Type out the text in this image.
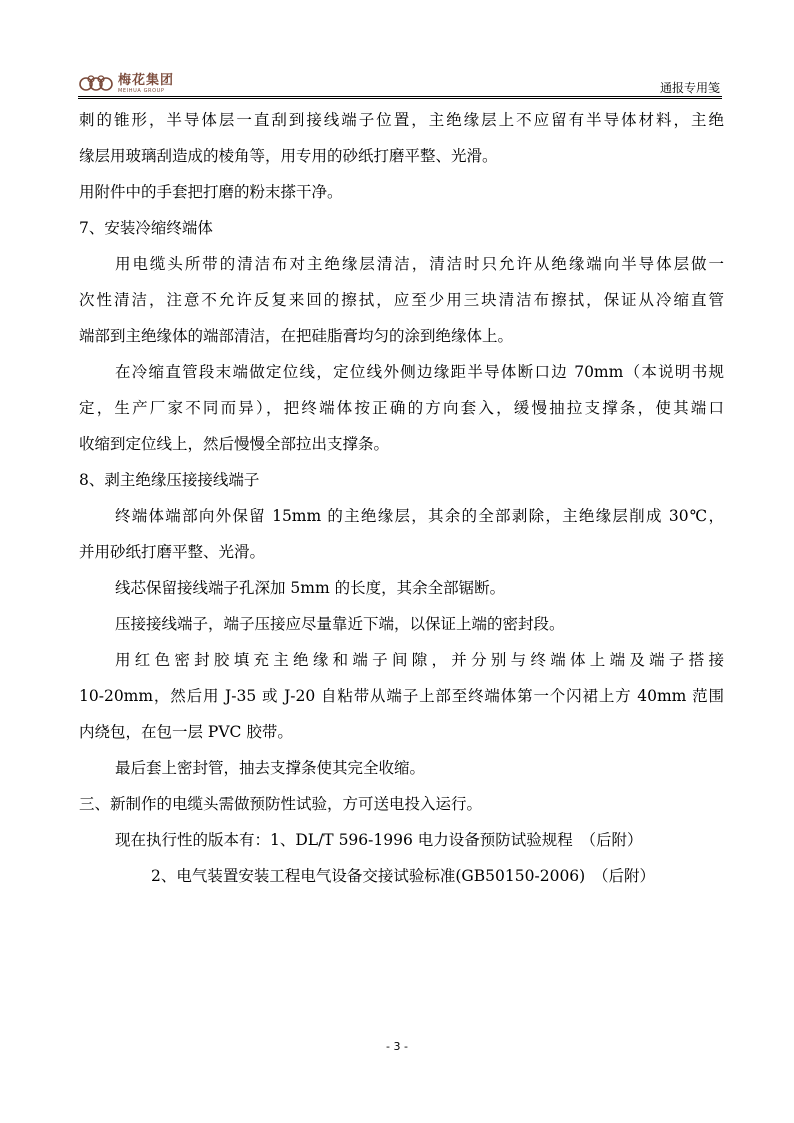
梅花集团
MEIHUA GROUP	通报专用笺
刺的锥形，半导体层一直刮到接线端子位置，主绝缘层上不应留有半导体材料，主绝
缘层用玻璃刮造成的棱角等，用专用的砂纸打磨平整、光滑。
用附件中的手套把打磨的粉末搽干净。
7、安装冷缩终端体
用电缆头所带的清洁布对主绝缘层清洁，清洁时只允许从绝缘端向半导体层做一
次性清洁，注意不允许反复来回的擦拭，应至少用三块清洁布擦拭，保证从冷缩直管
端部到主绝缘体的端部清洁，在把硅脂膏均匀的涂到绝缘体上。
在冷缩直管段末端做定位线，定位线外侧边缘距半导体断口边 70mm（本说明书规
定，生产厂家不同而异），把终端体按正确的方向套入，缓慢抽拉支撑条，使其端口
收缩到定位线上，然后慢慢全部拉出支撑条。
8、剥主绝缘压接接线端子
终端体端部向外保留 15mm 的主绝缘层，其余的全部剥除，主绝缘层削成 30℃，
并用砂纸打磨平整、光滑。
线芯保留接线端子孔深加 5mm 的长度，其余全部锯断。
压接接线端子，端子压接应尽量靠近下端，以保证上端的密封段。
用红色密封胶填充主绝缘和端子间隙，并分别与终端体上端及端子搭接
10-20mm，然后用 J-35 或 J-20 自粘带从端子上部至终端体第一个闪裙上方 40mm 范围
内绕包，在包一层 PVC 胶带。
最后套上密封管，抽去支撑条使其完全收缩。
三、新制作的电缆头需做预防性试验，方可送电投入运行。
现在执行性的版本有：1、DL/T 596-1996 电力设备预防试验规程　（后附）
2、电气装置安装工程电气设备交接试验标准(GB50150-2006)　（后附）
- 3 -
